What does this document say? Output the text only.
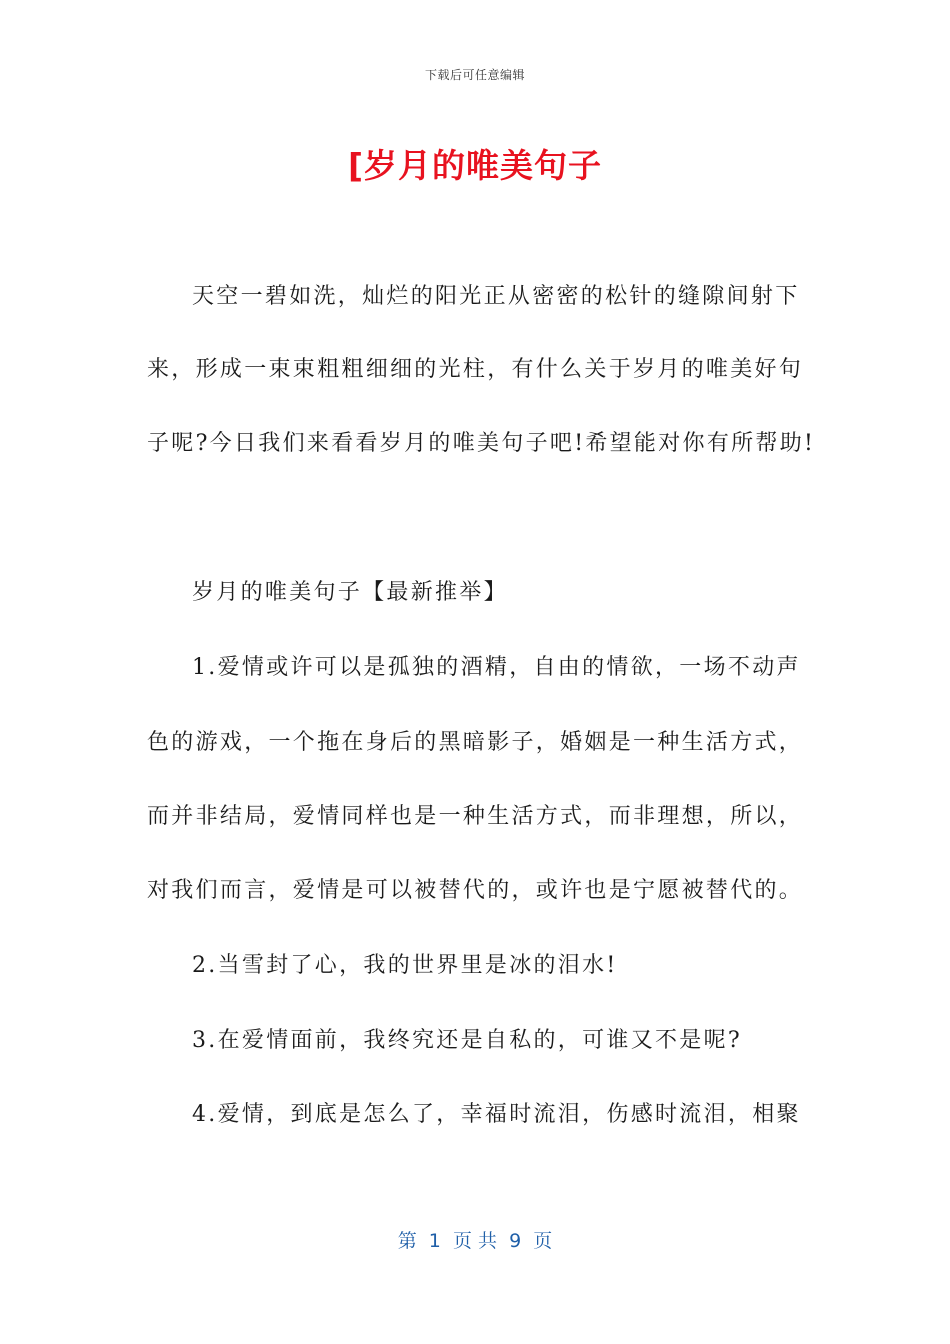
下载后可任意编辑
[岁月的唯美句子
天空一碧如洗，灿烂的阳光正从密密的松针的缝隙间射下
来，形成一束束粗粗细细的光柱，有什么关于岁月的唯美好句
子呢?今日我们来看看岁月的唯美句子吧!希望能对你有所帮助!
岁月的唯美句子【最新推举】
1.爱情或许可以是孤独的酒精，自由的情欲，一场不动声
色的游戏，一个拖在身后的黑暗影子，婚姻是一种生活方式，
而并非结局，爱情同样也是一种生活方式，而非理想，所以，
对我们而言，爱情是可以被替代的，或许也是宁愿被替代的。
2.当雪封了心，我的世界里是冰的泪水!
3.在爱情面前，我终究还是自私的，可谁又不是呢?
4.爱情，到底是怎么了，幸福时流泪，伤感时流泪，相聚
第  1  页 共  9  页
